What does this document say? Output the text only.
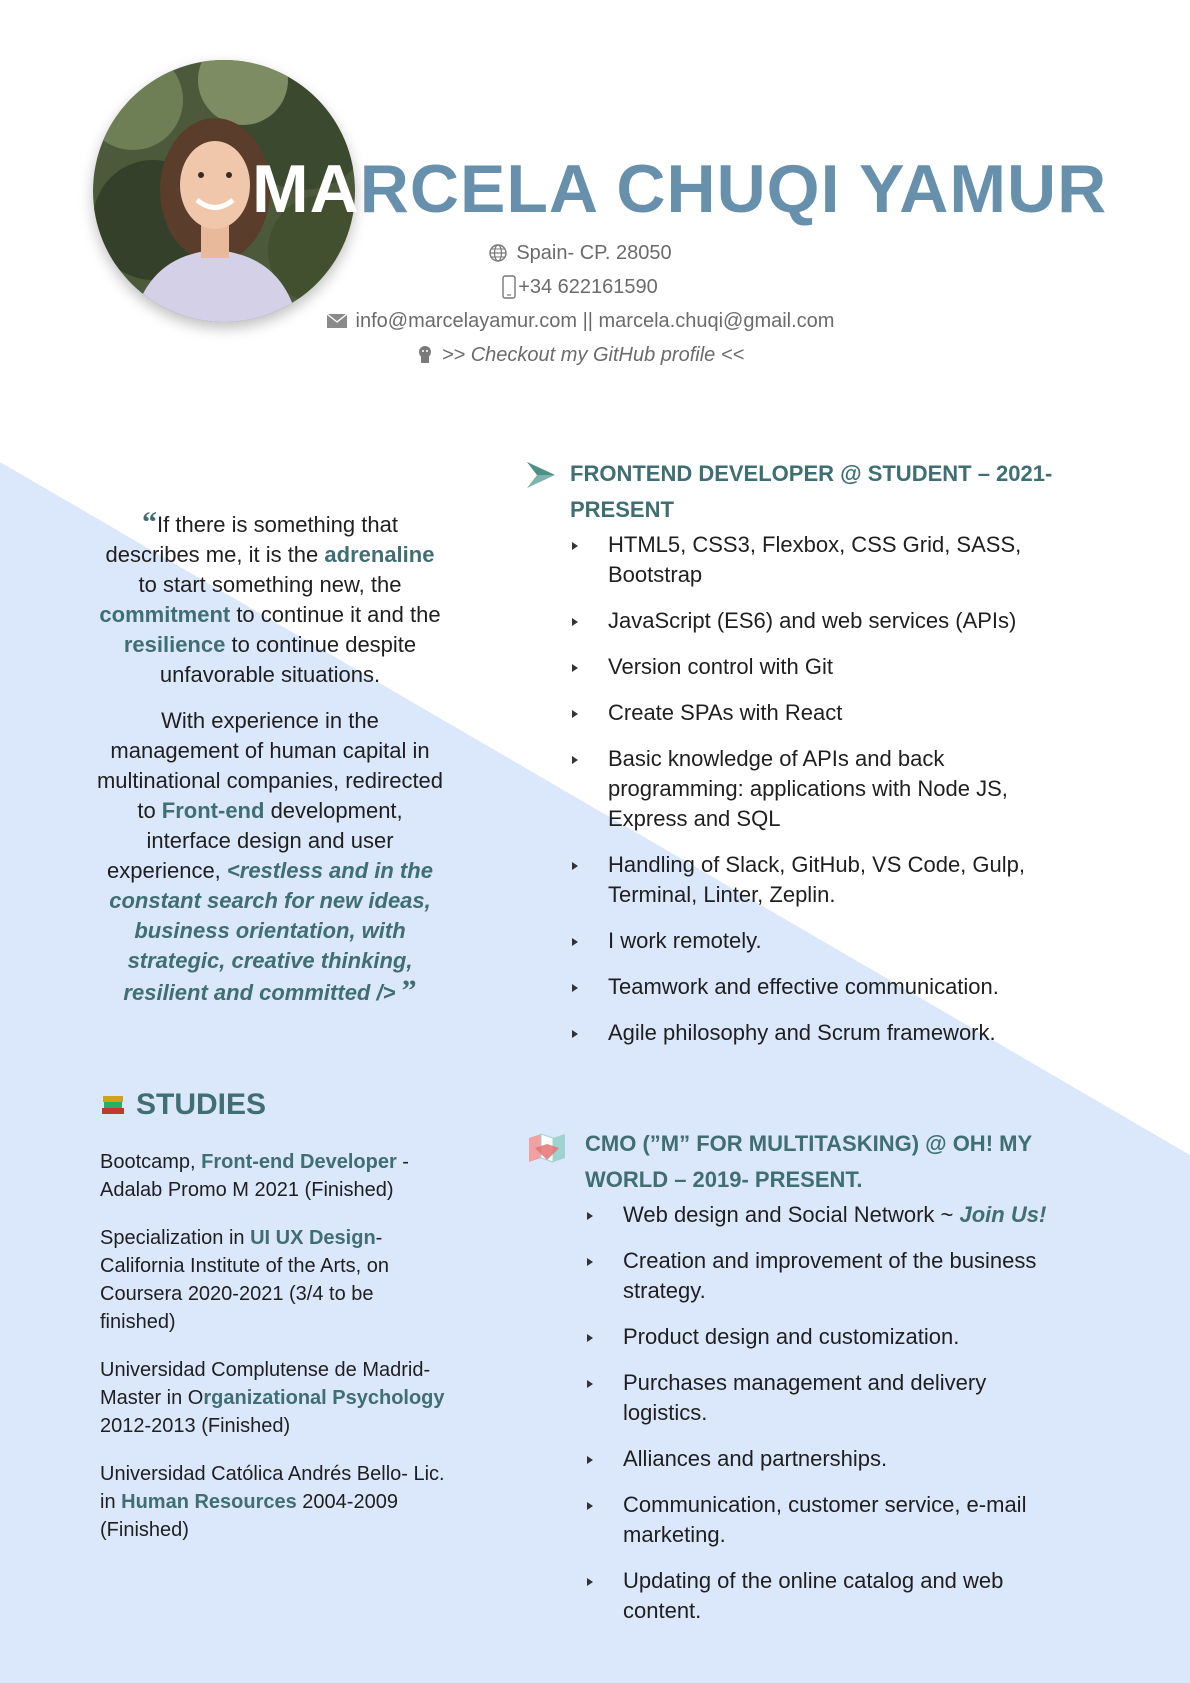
MARCELA CHUQI YAMUR
Spain- CP. 28050
+34 622161590
info@marcelayamur.com || marcela.chuqi@gmail.com
>> Checkout my GitHub profile <<

“If there is something that describes me, it is the adrenaline to start something new, the commitment to continue it and the resilience to continue despite unfavorable situations.

With experience in the management of human capital in multinational companies, redirected to Front-end development, interface design and user experience, <restless and in the constant search for new ideas, business orientation, with strategic, creative thinking, resilient and committed /> ”

STUDIES
Bootcamp, Front-end Developer - Adalab Promo M 2021 (Finished)
Specialization in UI UX Design- California Institute of the Arts, on Coursera 2020-2021 (3/4 to be finished)
Universidad Complutense de Madrid- Master in Organizational Psychology 2012-2013 (Finished)
Universidad Católica Andrés Bello- Lic. in Human Resources 2004-2009 (Finished)
FRONTEND DEVELOPER @ STUDENT – 2021- PRESENT
HTML5, CSS3, Flexbox, CSS Grid, SASS, Bootstrap
JavaScript (ES6) and web services (APIs)
Version control with Git
Create SPAs with React
Basic knowledge of APIs and back programming: applications with Node JS, Express and SQL
Handling of Slack, GitHub, VS Code, Gulp, Terminal, Linter, Zeplin.
I work remotely.
Teamwork and effective communication.
Agile philosophy and Scrum framework.
CMO (”M” FOR MULTITASKING) @ OH! MY WORLD – 2019- PRESENT.
Web design and Social Network ~ Join Us!
Creation and improvement of the business strategy.
Product design and customization.
Purchases management and delivery logistics.
Alliances and partnerships.
Communication, customer service, e-mail marketing.
Updating of the online catalog and web content.
